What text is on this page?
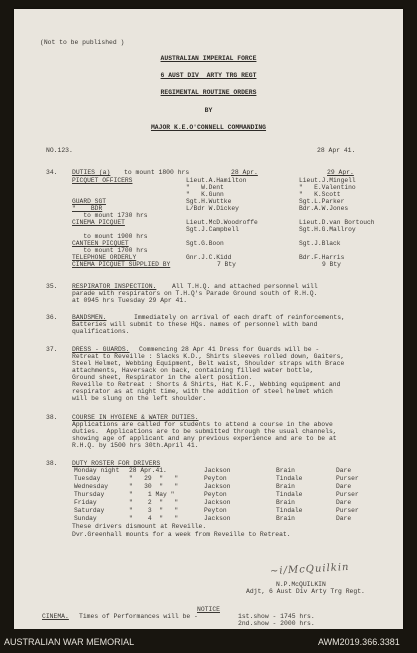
(Not to be published )
AUSTRALIAN IMPERIAL FORCE
6 AUST DIV  ARTY TRG REGT
REGIMENTAL ROUTINE ORDERS
BY
MAJOR K.E.O'CONNELL COMMANDING
NO.123.	28 Apr 41.
34. DUTIES (a) to mount 1800 hrs	28 Apr.	29 Apr.
PICQUET OFFICERS	Lieut.A.Hamilton	Lieut.J.Mingell
"   W.Dent	"   E.Valentino
"   K.Gunn	"   K.Scott
GUARD SGT	Sgt.H.Wuttke	Sgt.L.Parker
"    BDR	L/Bdr W.Dickey	Bdr.A.W.Jones
to mount 1730 hrs
CINEMA PICQUET	Lieut.McD.Woodroffe	Lieut.D.van Bortouch
Sgt.J.Campbell	Sgt.H.G.Mallroy
to mount 1900 hrs
CANTEEN PICQUET	Sgt.G.Boon	Sgt.J.Black
to mount 1700 hrs
TELEPHONE ORDERLY	Gnr.J.C.Kidd	Bdr.F.Harris
CINEMA PICQUET SUPPLIED BY	7 Bty	9 Bty
35. RESPIRATOR INSPECTION. All T.H.Q. and attached personnel will
parade with respirators on T.H.Q's Parade Ground south of R.H.Q.
at 0945 hrs Tuesday 29 Apr 41.
36. BANDSMEN.	Immediately on arrival of each draft of reinforcements,
Batteries will submit to these HQs. names of personnel with band
qualifications.
37. DRESS - GUARDS. Commencing 28 Apr 41 Dress for Guards will be -
Retreat to Reveille : Slacks K.D., Shirts sleeves rolled down, Gaiters,
Steel Helmet, Webbing Equipment, Belt waist, Shoulder straps with Brace
attachments, Haversack on back, containing filled water bottle,
Ground sheet, Respirator in the alert position.
Reveille to Retreat : Shorts & Shirts, Hat K.F., Webbing equipment and
respirator as at night time, with the addition of steel helmet which
will be slung on the left shoulder.
38. COURSE IN HYGIENE & WATER DUTIES.
Applications are called for students to attend a course in the above
duties.  Applications are to be submitted through the usual channels,
showing age of applicant and any previous experience and are to be at
R.H.Q. by 1500 hrs 30th.April 41.
38. DUTY ROSTER FOR DRIVERS
Monday night 28 Apr.41.	Jackson	Brain	Dare
Tuesday	"   29  "   "	Peyton	Tindale	Purser
Wednesday	"   30  "   "	Jackson	Brain	Dare
Thursday	"    1 May "	Peyton	Tindale	Purser
Friday	"    2  "   "	Jackson	Brain	Dare
Saturday	"    3  "   "	Peyton	Tindale	Purser
Sunday	"    4  "   "	Jackson	Brain	Dare
These drivers dismount at Reveille.
Dvr.Greenhall mounts for a week from Reveille to Retreat.
~i/McQuilkin
N.P.McQUILKIN
Adjt, 6 Aust Div Arty Trg Regt.
NOTICE
CINEMA. Times of Performances will be -	1st.show - 1745 hrs.
2nd.show - 2000 hrs.
AUSTRALIAN WAR MEMORIAL	AWM2019.366.3381
